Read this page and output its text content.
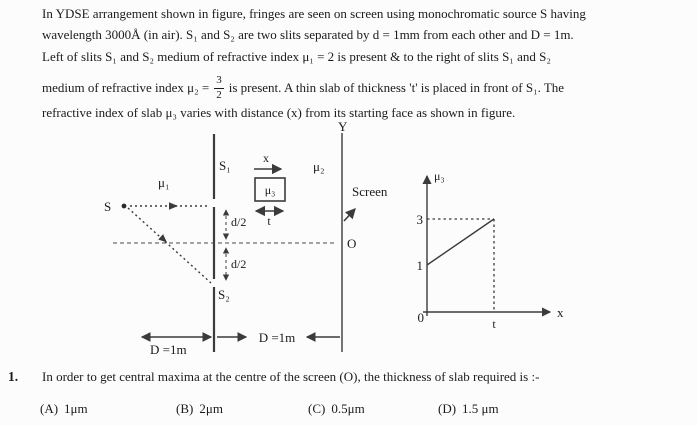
In YDSE arrangement shown in figure, fringes are seen on screen using monochromatic source S having
wavelength 3000Å (in air). S₁ and S₂ are two slits separated by d = 1mm from each other and D = 1m.
Left of slits S₁ and S₂ medium of refractive index μ₁ = 2 is present & to the right of slits S₁ and S₂
medium of refractive index $\mu_2 = \frac{3}{2}$ is present. A thin slab of thickness 't' is placed in front of S₁. The
refractive index of slab μ₃ varies with distance (x) from its starting face as shown in figure.
Y
S
μ₁
S₁
S₂
d/2
d/2
x
μ₃
t
μ₂
Screen
O
D =1m
D =1m
μ₃
x
0
3
1
t
1. In order to get central maxima at the centre of the screen (O), the thickness of slab required is :-
(A) 1μm	(B) 2μm	(C) 0.5μm	(D) 1.5 μm
